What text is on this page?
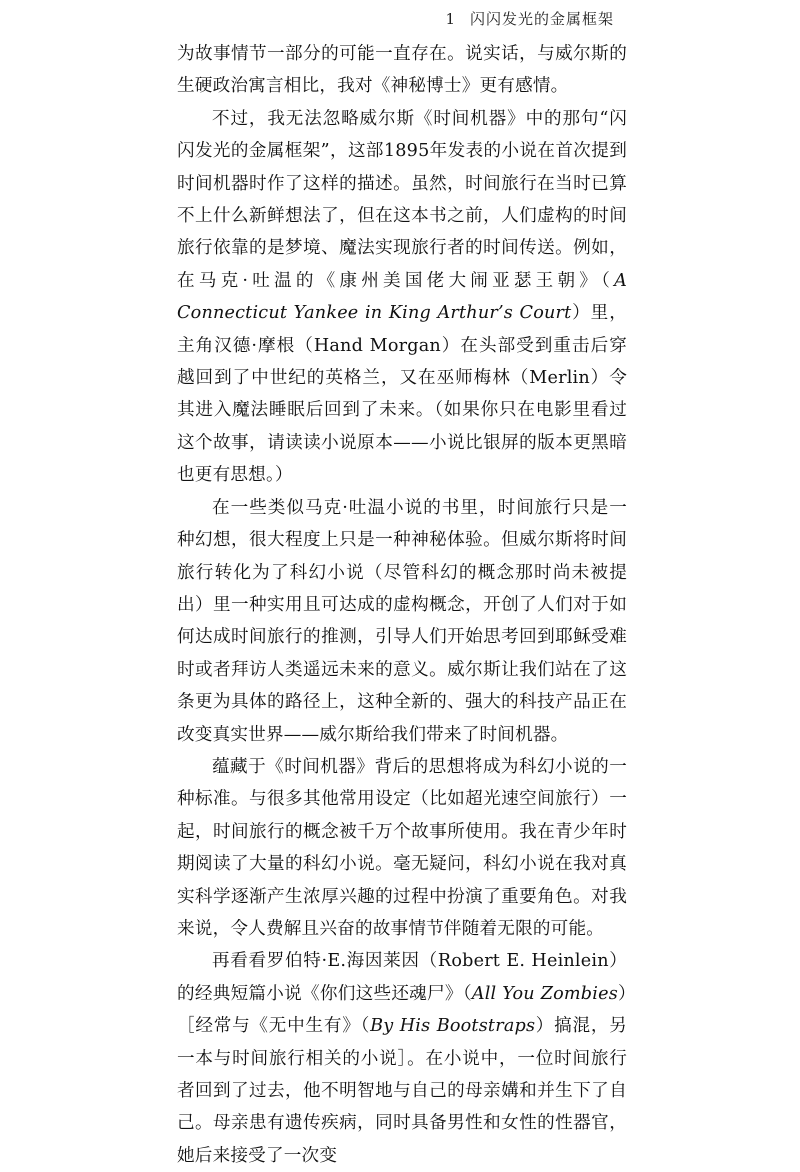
1 闪闪发光的金属框架

为故事情节一部分的可能一直存在。说实话，与威尔斯的生硬政治寓言相比，我对《神秘博士》更有感情。

不过，我无法忽略威尔斯《时间机器》中的那句“闪闪发光的金属框架”，这部1895年发表的小说在首次提到时间机器时作了这样的描述。虽然，时间旅行在当时已算不上什么新鲜想法了，但在这本书之前，人们虚构的时间旅行依靠的是梦境、魔法实现旅行者的时间传送。例如，在马克·吐温的《康州美国佬大闹亚瑟王朝》（A Connecticut Yankee in King Arthur’s Court）里，主角汉德·摩根（Hand Morgan）在头部受到重击后穿越回到了中世纪的英格兰，又在巫师梅林（Merlin）令其进入魔法睡眠后回到了未来。（如果你只在电影里看过这个故事，请读读小说原本——小说比银屏的版本更黑暗也更有思想。）

在一些类似马克·吐温小说的书里，时间旅行只是一种幻想，很大程度上只是一种神秘体验。但威尔斯将时间旅行转化为了科幻小说（尽管科幻的概念那时尚未被提出）里一种实用且可达成的虚构概念，开创了人们对于如何达成时间旅行的推测，引导人们开始思考回到耶稣受难时或者拜访人类遥远未来的意义。威尔斯让我们站在了这条更为具体的路径上，这种全新的、强大的科技产品正在改变真实世界——威尔斯给我们带来了时间机器。

蕴藏于《时间机器》背后的思想将成为科幻小说的一种标准。与很多其他常用设定（比如超光速空间旅行）一起，时间旅行的概念被千万个故事所使用。我在青少年时期阅读了大量的科幻小说。毫无疑问，科幻小说在我对真实科学逐渐产生浓厚兴趣的过程中扮演了重要角色。对我来说，令人费解且兴奋的故事情节伴随着无限的可能。

再看看罗伯特·E.海因莱因（Robert E. Heinlein）的经典短篇小说《你们这些还魂尸》（All You Zombies）［经常与《无中生有》（By His Bootstraps）搞混，另一本与时间旅行相关的小说］。在小说中，一位时间旅行者回到了过去，他不明智地与自己的母亲媾和并生下了自己。母亲患有遗传疾病，同时具备男性和女性的性器官，她后来接受了一次变
